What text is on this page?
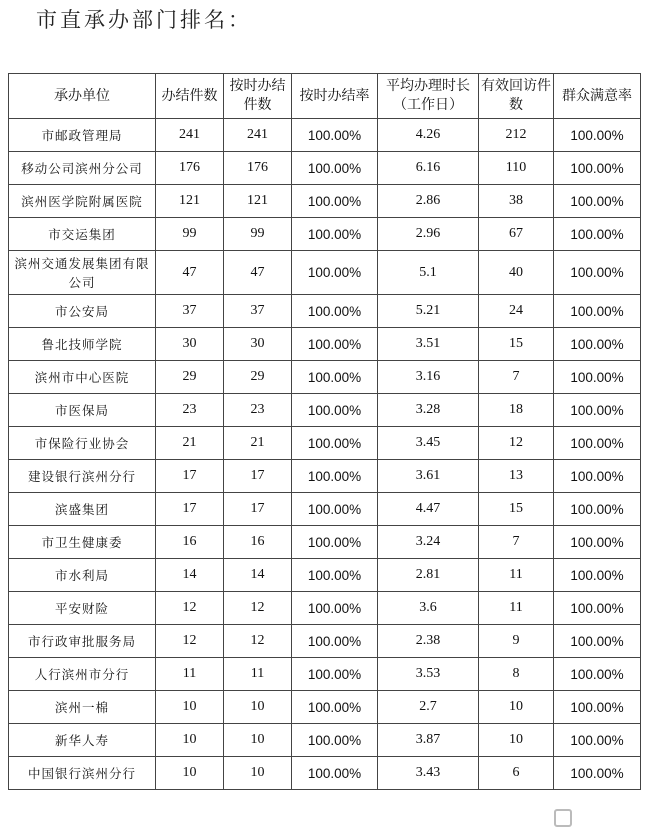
市直承办部门排名：
承办单位	办结件数	按时办结件数	按时办结率	平均办理时长（工作日）	有效回访件数	群众满意率
市邮政管理局	241	241	100.00%	4.26	212	100.00%
移动公司滨州分公司	176	176	100.00%	6.16	110	100.00%
滨州医学院附属医院	121	121	100.00%	2.86	38	100.00%
市交运集团	99	99	100.00%	2.96	67	100.00%
滨州交通发展集团有限公司	47	47	100.00%	5.1	40	100.00%
市公安局	37	37	100.00%	5.21	24	100.00%
鲁北技师学院	30	30	100.00%	3.51	15	100.00%
滨州市中心医院	29	29	100.00%	3.16	7	100.00%
市医保局	23	23	100.00%	3.28	18	100.00%
市保险行业协会	21	21	100.00%	3.45	12	100.00%
建设银行滨州分行	17	17	100.00%	3.61	13	100.00%
滨盛集团	17	17	100.00%	4.47	15	100.00%
市卫生健康委	16	16	100.00%	3.24	7	100.00%
市水利局	14	14	100.00%	2.81	11	100.00%
平安财险	12	12	100.00%	3.6	11	100.00%
市行政审批服务局	12	12	100.00%	2.38	9	100.00%
人行滨州市分行	11	11	100.00%	3.53	8	100.00%
滨州一棉	10	10	100.00%	2.7	10	100.00%
新华人寿	10	10	100.00%	3.87	10	100.00%
中国银行滨州分行	10	10	100.00%	3.43	6	100.00%
